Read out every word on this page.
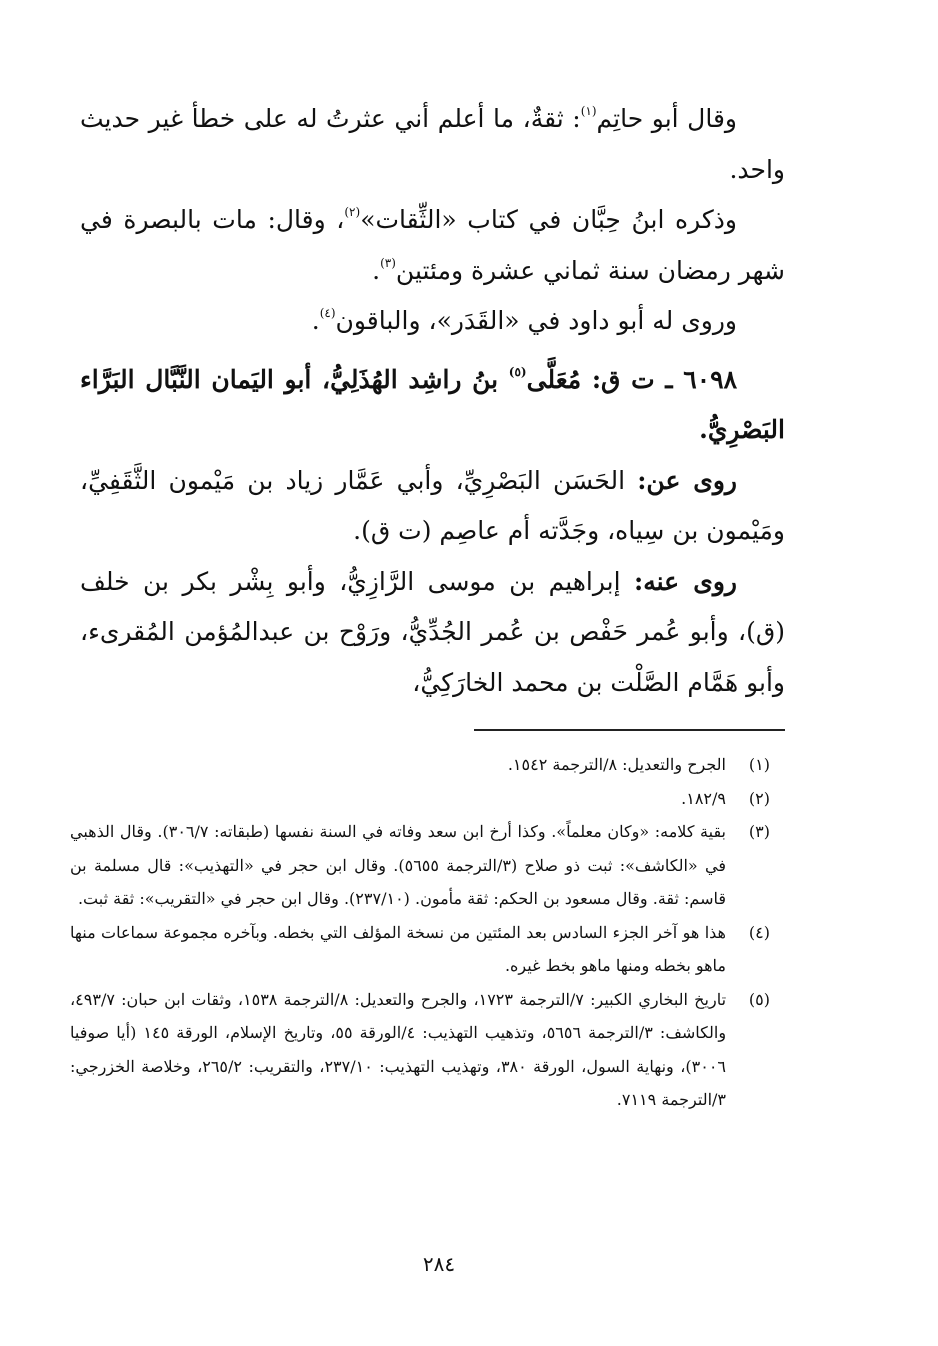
وقال أبو حاتِم$^{(١)}$: ثقةٌ، ما أعلم أني عثرتُ له على خطأ غير حديث واحد.

وذكره ابنُ حِبَّان في كتاب «الثِّقات»$^{(٢)}$، وقال: مات بالبصرة في شهر رمضان سنة ثماني عشرة ومئتين$^{(٣)}$.

وروى له أبو داود في «القَدَر»، والباقون$^{(٤)}$.

٦٠٩٨ ـ ت ق: مُعَلَّى$^{(٥)}$ بنُ راشِد الهُذَلِيُّ، أبو اليَمان النَّبَّال البَرَّاء البَصْرِيُّ.

روى عن: الحَسَن البَصْرِيِّ، وأبي عَمَّار زياد بن مَيْمون الثَّقَفِيِّ، ومَيْمون بن سِياه، وجَدَّته أم عاصِم (ت ق).

روى عنه: إبراهيم بن موسى الرَّازِيُّ، وأبو بِشْر بكر بن خلف (ق)، وأبو عُمر حَفْص بن عُمر الجُدِّيُّ، ورَوْح بن عبدالمُؤمن المُقرىء، وأبو هَمَّام الصَّلْت بن محمد الخارَكِيُّ،

(١)
الجرح والتعديل: ٨/الترجمة ١٥٤٢.
(٢)
١٨٢/٩.
(٣)
بقية كلامه: «وكان معلماً». وكذا أرخ ابن سعد وفاته في السنة نفسها (طبقاته: ٣٠٦/٧). وقال الذهبي في «الكاشف»: ثبت ذو صلاح (٣/الترجمة ٥٦٥٥). وقال ابن حجر في «التهذيب»: قال مسلمة بن قاسم: ثقة. وقال مسعود بن الحكم: ثقة مأمون. (٢٣٧/١٠). وقال ابن حجر في «التقريب»: ثقة ثبت.
(٤)
هذا هو آخر الجزء السادس بعد المئتين من نسخة المؤلف التي بخطه. وبآخره مجموعة سماعات منها ماهو بخطه ومنها ماهو بخط غيره.
(٥)
تاريخ البخاري الكبير: ٧/الترجمة ١٧٢٣، والجرح والتعديل: ٨/الترجمة ١٥٣٨، وثقات ابن حبان: ٤٩٣/٧، والكاشف: ٣/الترجمة ٥٦٥٦، وتذهيب التهذيب: ٤/الورقة ٥٥، وتاريخ الإسلام، الورقة ١٤٥ (أيا صوفيا ٣٠٠٦)، ونهاية السول، الورقة ٣٨٠، وتهذيب التهذيب: ٢٣٧/١٠، والتقريب: ٢٦٥/٢، وخلاصة الخزرجي: ٣/الترجمة ٧١١٩.
٢٨٤
